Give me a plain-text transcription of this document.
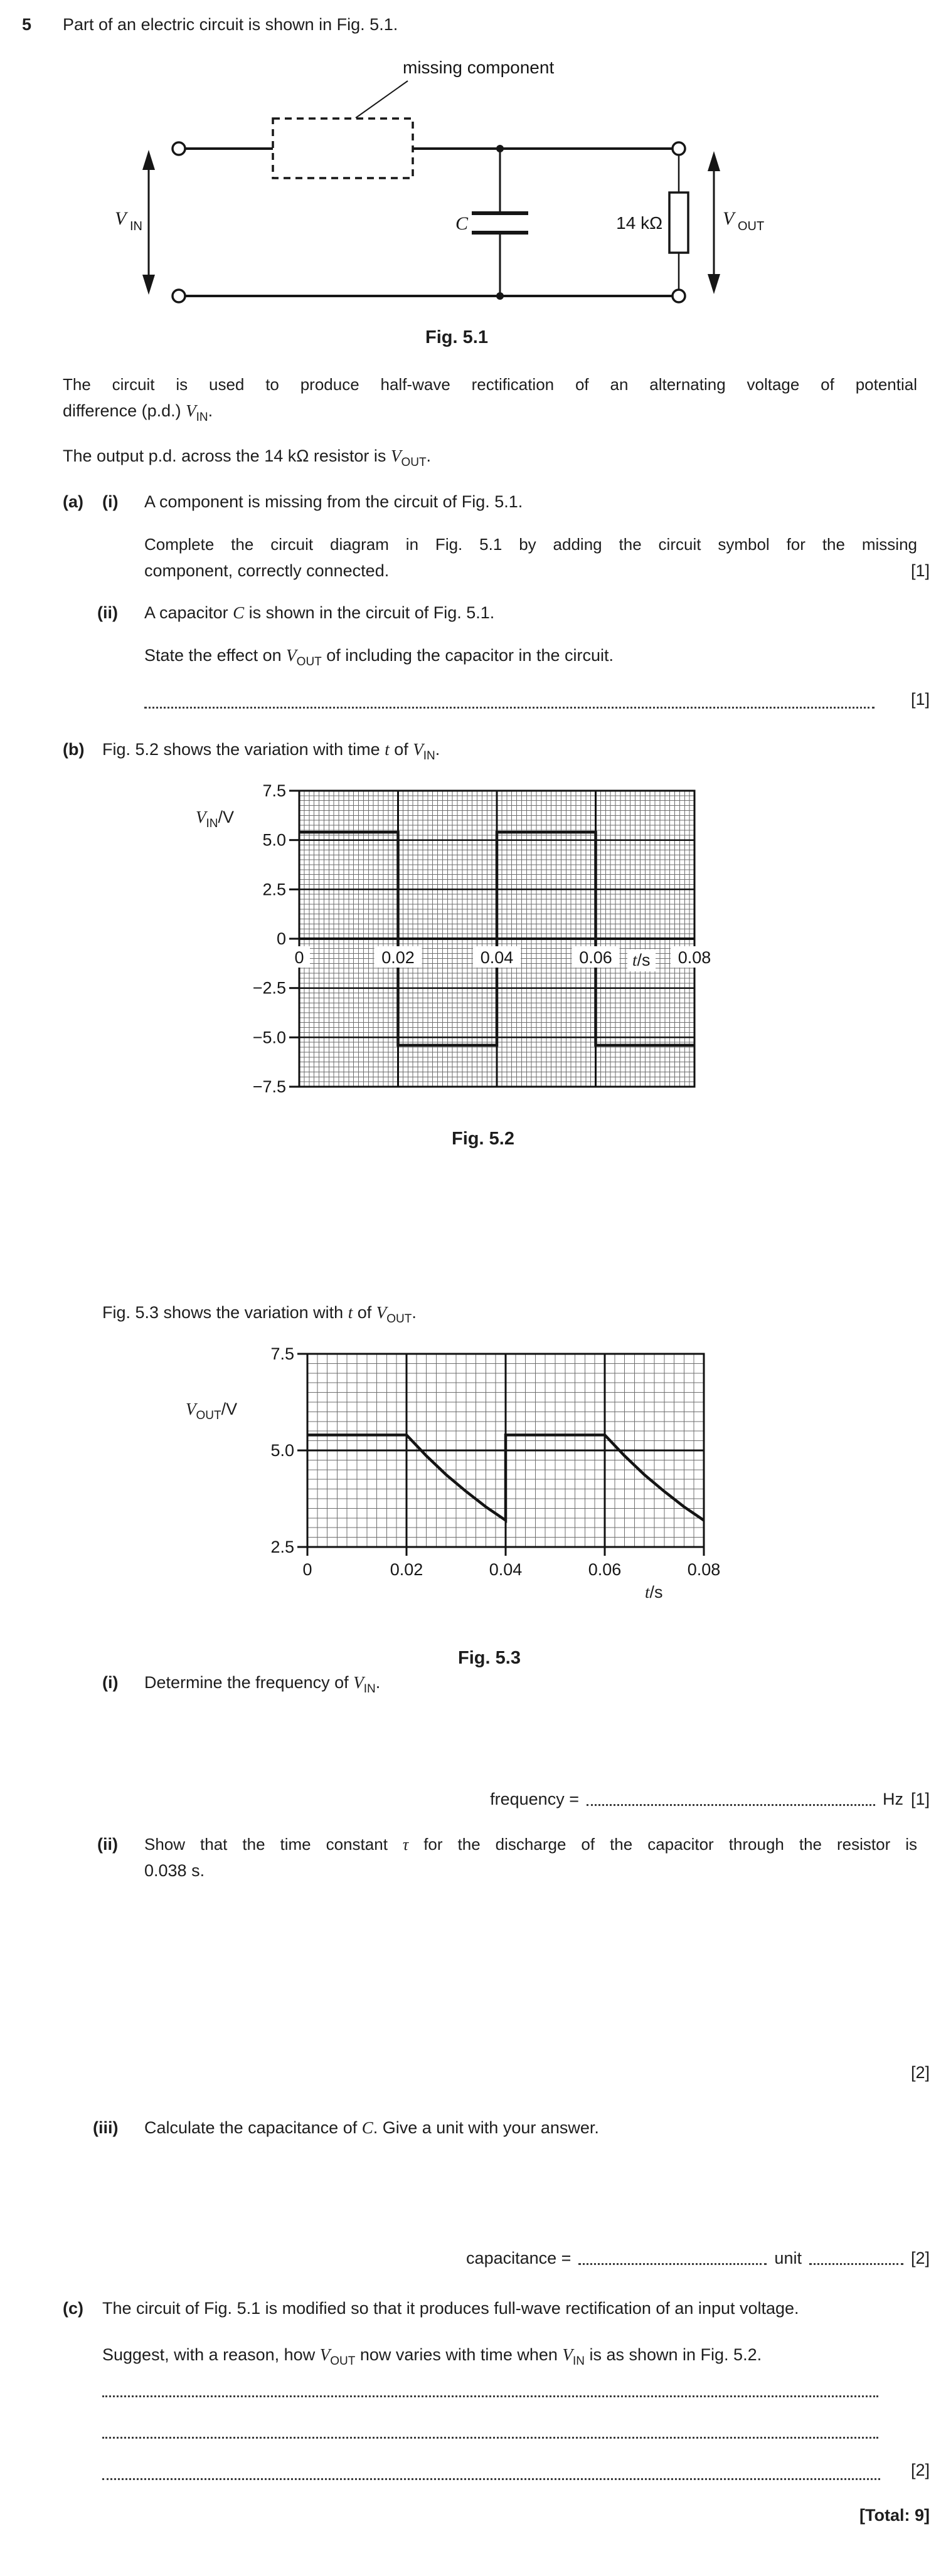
missing component
V IN	C	14 kΩ	V OUT
0	0.02	0.04	0.06	0.08
7.5
5.0
2.5
0
−2.5
−5.0
−7.5
0	0.02	0.04	0.06	0.08
7.5
5.0
2.5
5 Part of an electric circuit is shown in Fig. 5.1.
Fig. 5.1
The circuit is used to produce half-wave rectification of an alternating voltage of potential
difference (p.d.) $V_{IN}$.
The output p.d. across the 14 kΩ resistor is $V_{OUT}$.
(a) (i) A component is missing from the circuit of Fig. 5.1.
Complete the circuit diagram in Fig. 5.1 by adding the circuit symbol for the missing
component, correctly connected.	[1]
(ii) A capacitor C is shown in the circuit of Fig. 5.1.
State the effect on $V_{OUT}$ of including the capacitor in the circuit.
[1]
(b) Fig. 5.2 shows the variation with time t of $V_{IN}$.
$V_{IN}/V$
t/s
Fig. 5.2
Fig. 5.3 shows the variation with t of $V_{OUT}$.
$V_{OUT}/V$
t/s
Fig. 5.3
(i) Determine the frequency of $V_{IN}$.
frequency =	Hz [1]
(ii) Show that the time constant τ for the discharge of the capacitor through the resistor is
0.038 s.
[2]
(iii) Calculate the capacitance of C. Give a unit with your answer.
capacitance =	unit	[2]
(c) The circuit of Fig. 5.1 is modified so that it produces full-wave rectification of an input voltage.
Suggest, with a reason, how $V_{OUT}$ now varies with time when $V_{IN}$ is as shown in Fig. 5.2.
[2]
[Total: 9]
